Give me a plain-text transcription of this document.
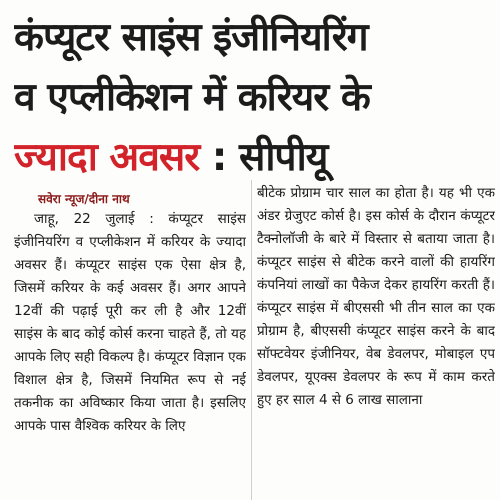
कंप्यूटर साइंस इंजीनियरिंग
व एप्लीकेशन में करियर के
ज्यादा अवसर : सीपीयू
सवेरा न्यूज/दीना नाथ

जाहू, 22 जुलाई : कंप्यूटर साइंस इंजीनियरिंग व एप्लीकेशन में करियर के ज्यादा अवसर हैं। कंप्यूटर साइंस एक ऐसा क्षेत्र है, जिसमें करियर के कई अवसर हैं। अगर आपने 12वीं की पढ़ाई पूरी कर ली है और 12वीं साइंस के बाद कोई कोर्स करना चाहते हैं, तो यह आपके लिए सही विकल्प है। कंप्यूटर विज्ञान एक विशाल क्षेत्र है, जिसमें नियमित रूप से नई तकनीक का अविष्कार किया जाता है। इसलिए आपके पास वैश्विक करियर के लिए

बीटेक प्रोग्राम चार साल का होता है। यह भी एक अंडर ग्रेजुएट कोर्स है। इस कोर्स के दौरान कंप्यूटर टैक्नोलॉजी के बारे में विस्तार से बताया जाता है। कंप्यूटर साइंस से बीटेक करने वालों की हायरिंग कंपनियां लाखों का पैकेज देकर हायरिंग करती हैं। कंप्यूटर साइंस में बीएससी भी तीन साल का एक प्रोग्राम है, बीएससी कंप्यूटर साइंस करने के बाद सॉफ्टवेयर इंजीनियर, वेब डेवलपर, मोबाइल एप डेवलपर, यूएक्स डेवलपर के रूप में काम करते हुए हर साल 4 से 6 लाख सालाना
